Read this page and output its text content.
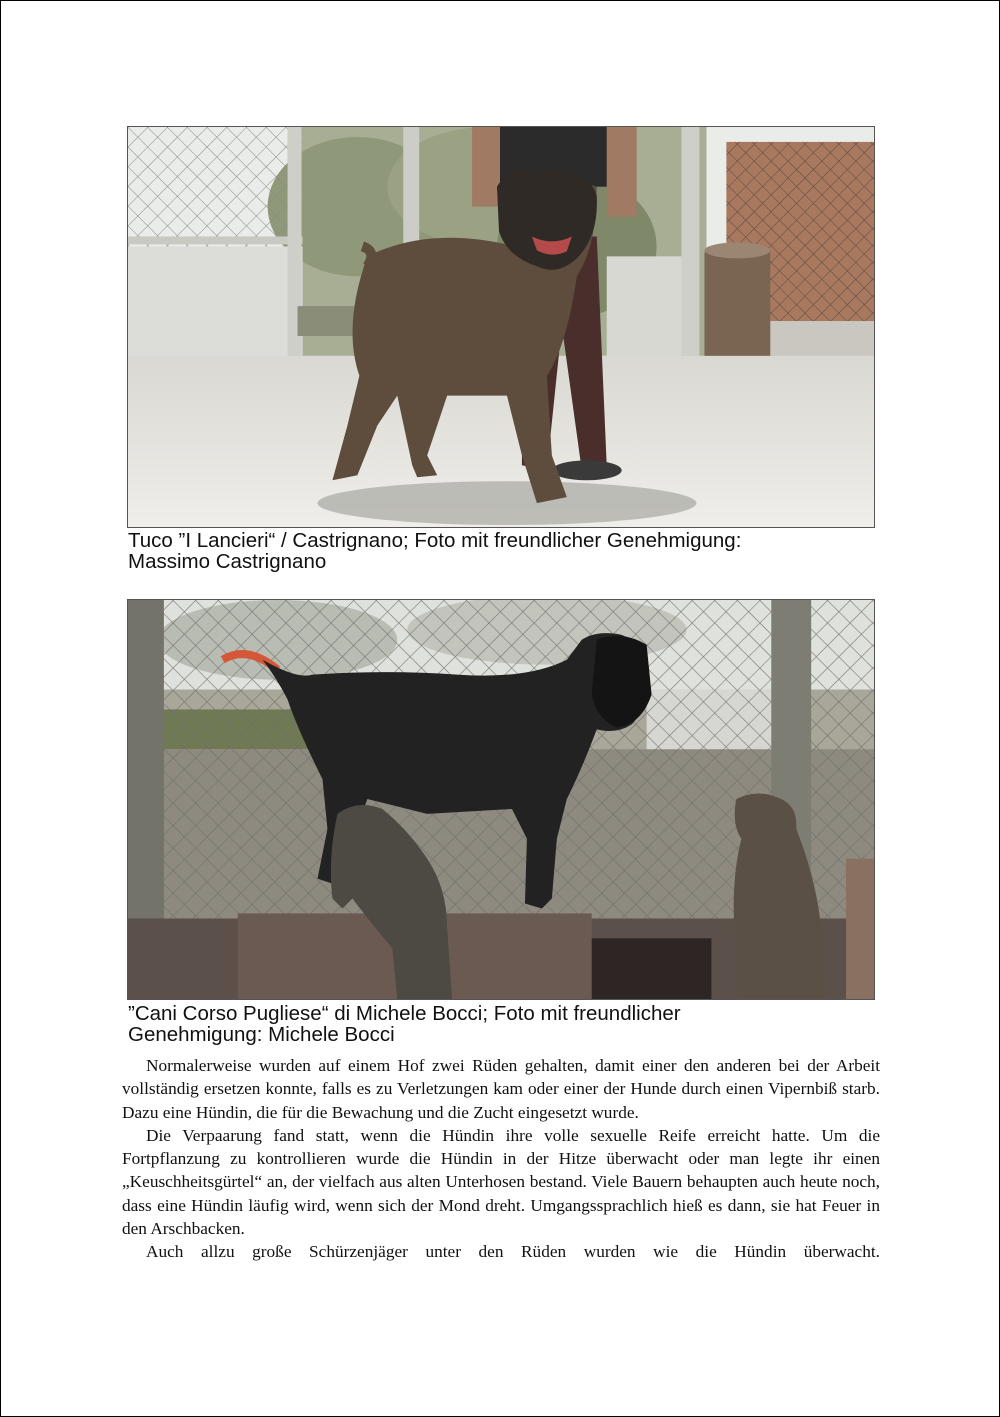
Tuco ”I Lancieri“ / Castrignano; Foto mit freundlicher Genehmigung:
Massimo Castrignano
”Cani Corso Pugliese“ di Michele Bocci; Foto mit freundlicher
Genehmigung: Michele Bocci

Normalerweise wurden auf einem Hof zwei Rüden gehalten, damit einer den anderen bei der Arbeit vollständig ersetzen konnte, falls es zu Verletzungen kam oder einer der Hunde durch einen Vipernbiß starb. Dazu eine Hündin, die für die Bewachung und die Zucht eingesetzt wurde.

Die Verpaarung fand statt, wenn die Hündin ihre volle sexuelle Reife erreicht hatte. Um die Fortpflanzung zu kontrollieren wurde die Hündin in der Hitze überwacht oder man legte ihr einen „Keuschheitsgürtel“ an, der vielfach aus alten Unterhosen bestand. Viele Bauern behaupten auch heute noch, dass eine Hündin läufig wird, wenn sich der Mond dreht. Umgangssprachlich hieß es dann, sie hat Feuer in den Arschbacken.

Auch allzu große Schürzenjäger unter den Rüden wurden wie die Hündin überwacht.
